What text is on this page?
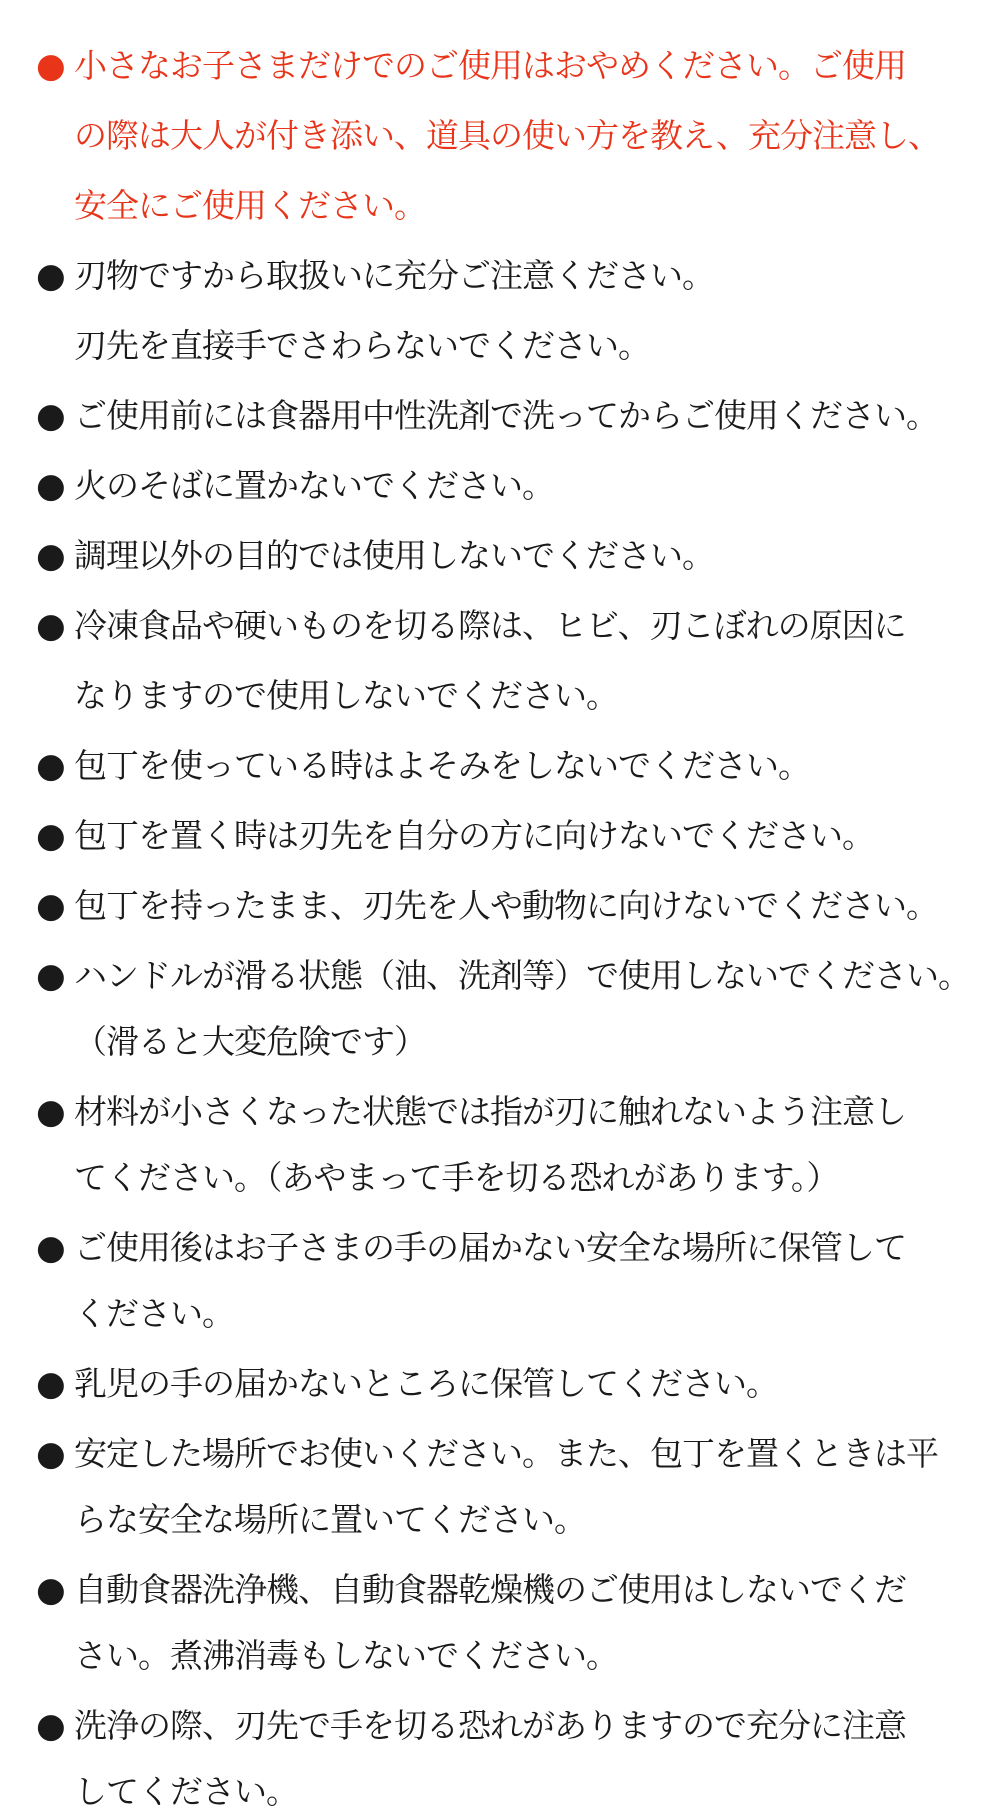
● 小さなお子さまだけでのご使用はおやめください。ご使用
の際は大人が付き添い、道具の使い方を教え、充分注意し、
安全にご使用ください。
● 刃物ですから取扱いに充分ご注意ください。
刃先を直接手でさわらないでください。
● ご使用前には食器用中性洗剤で洗ってからご使用ください。
● 火のそばに置かないでください。
● 調理以外の目的では使用しないでください。
● 冷凍食品や硬いものを切る際は、ヒビ、刃こぼれの原因に
なりますので使用しないでください。
● 包丁を使っている時はよそみをしないでください。
● 包丁を置く時は刃先を自分の方に向けないでください。
● 包丁を持ったまま、刃先を人や動物に向けないでください。
● ハンドルが滑る状態（油、洗剤等）で使用しないでください。
（滑ると大変危険です）
● 材料が小さくなった状態では指が刃に触れないよう注意し
てください。（あやまって手を切る恐れがあります。）
● ご使用後はお子さまの手の届かない安全な場所に保管して
ください。
● 乳児の手の届かないところに保管してください。
● 安定した場所でお使いください。また、包丁を置くときは平
らな安全な場所に置いてください。
● 自動食器洗浄機、自動食器乾燥機のご使用はしないでくだ
さい。煮沸消毒もしないでください。
● 洗浄の際、刃先で手を切る恐れがありますので充分に注意
してください。
